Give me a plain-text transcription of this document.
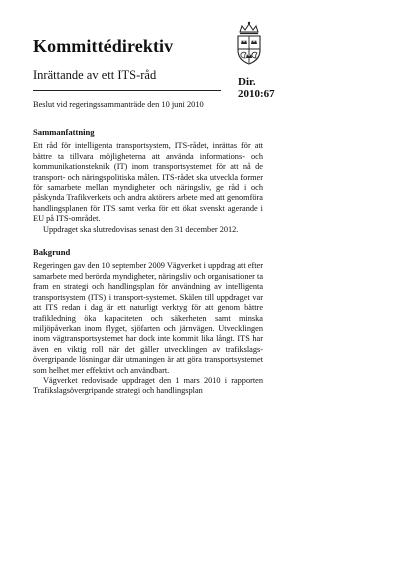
Kommittédirektiv

Inrättande av ett ITS-råd	Dir.
2010:67

Beslut vid regeringssammanträde den 10 juni 2010

Sammanfattning

Ett råd för intelligenta transportsystem, ITS-rådet, inrättas för att bättre ta tillvara möjligheterna att använda informations- och kommunikationsteknik (IT) inom transportsystemet för att nå de transport- och näringspolitiska målen. ITS-rådet ska utveckla former för samarbete mellan myndigheter och näringsliv, ge råd i och påskynda Trafikverkets och andra aktörers arbete med att genomföra handlingsplanen för ITS samt verka för ett ökat svenskt agerande i EU på ITS-området.

Uppdraget ska slutredovisas senast den 31 december 2012.

Bakgrund

Regeringen gav den 10 september 2009 Vägverket i uppdrag att efter samarbete med berörda myndigheter, näringsliv och organisationer ta fram en strategi och handlingsplan för användning av intelligenta transportsystem (ITS) i transport-systemet. Skälen till uppdraget var att ITS redan i dag är ett naturligt verktyg för att genom bättre trafikledning öka kapaciteten och säkerheten samt minska miljöpåverkan inom flyget, sjöfarten och järnvägen. Utvecklingen inom vägtransportsystemet har dock inte kommit lika långt. ITS har även en viktig roll när det gäller utvecklingen av trafikslags-övergripande lösningar där utmaningen är att göra transportsystemet som helhet mer effektivt och användbart.

Vägverket redovisade uppdraget den 1 mars 2010 i rapporten Trafikslagsövergripande strategi och handlingsplan
